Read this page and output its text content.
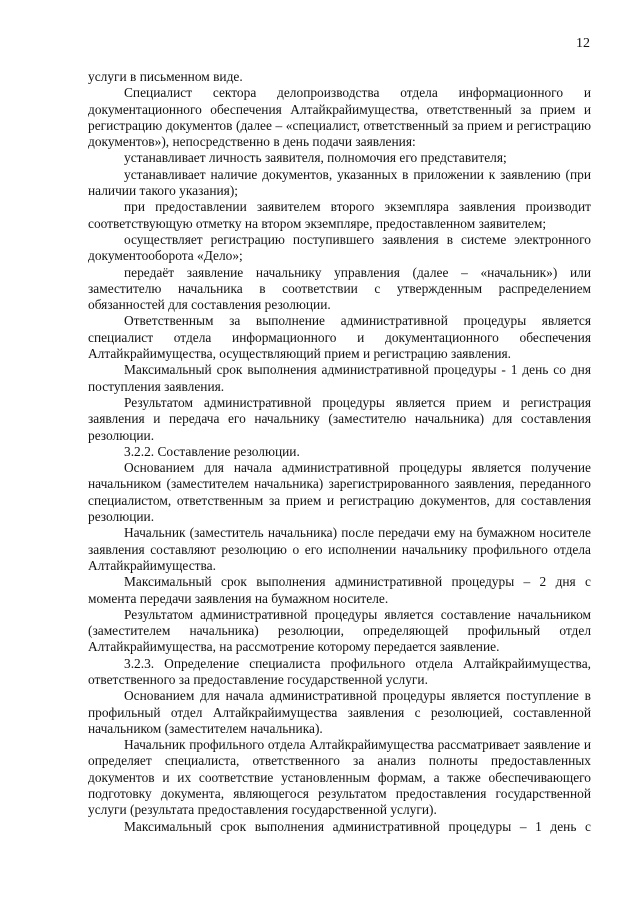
12

услуги в письменном виде.

Специалист сектора делопроизводства отдела информационного и документационного обеспечения Алтайкрайимущества, ответственный за прием и регистрацию документов (далее – «специалист, ответственный за прием и регистрацию документов»), непосредственно в день подачи заявления:

устанавливает личность заявителя, полномочия его представителя;

устанавливает наличие документов, указанных в приложении к заявлению (при наличии такого указания);

при предоставлении заявителем второго экземпляра заявления производит соответствующую отметку на втором экземпляре, предоставленном заявителем;

осуществляет регистрацию поступившего заявления в системе электронного документооборота «Дело»;

передаёт заявление начальнику управления (далее – «начальник») или заместителю начальника в соответствии с утвержденным распределением обязанностей для составления резолюции.

Ответственным за выполнение административной процедуры является специалист отдела информационного и документационного обеспечения Алтайкрайимущества, осуществляющий прием и регистрацию заявления.

Максимальный срок выполнения административной процедуры - 1 день со дня поступления заявления.

Результатом административной процедуры является прием и регистрация заявления и передача его начальнику (заместителю начальника) для составления резолюции.

3.2.2. Составление резолюции.

Основанием для начала административной процедуры является получение начальником (заместителем начальника) зарегистрированного заявления, переданного специалистом, ответственным за прием и регистрацию документов, для составления резолюции.

Начальник (заместитель начальника) после передачи ему на бумажном носителе заявления составляют резолюцию о его исполнении начальнику профильного отдела Алтайкрайимущества.

Максимальный срок выполнения административной процедуры – 2 дня с момента передачи заявления на бумажном носителе.

Результатом административной процедуры является составление начальником (заместителем начальника) резолюции, определяющей профильный отдел Алтайкрайимущества, на рассмотрение которому передается заявление.

3.2.3. Определение специалиста профильного отдела Алтайкрайимущества, ответственного за предоставление государственной услуги.

Основанием для начала административной процедуры является поступление в профильный отдел Алтайкрайимущества заявления с резолюцией, составленной начальником (заместителем начальника).

Начальник профильного отдела Алтайкрайимущества рассматривает заявление и определяет специалиста, ответственного за анализ полноты предоставленных документов и их соответствие установленным формам, а также обеспечивающего подготовку документа, являющегося результатом предоставления государственной услуги (результата предоставления государственной услуги).

Максимальный срок выполнения административной процедуры – 1 день с
